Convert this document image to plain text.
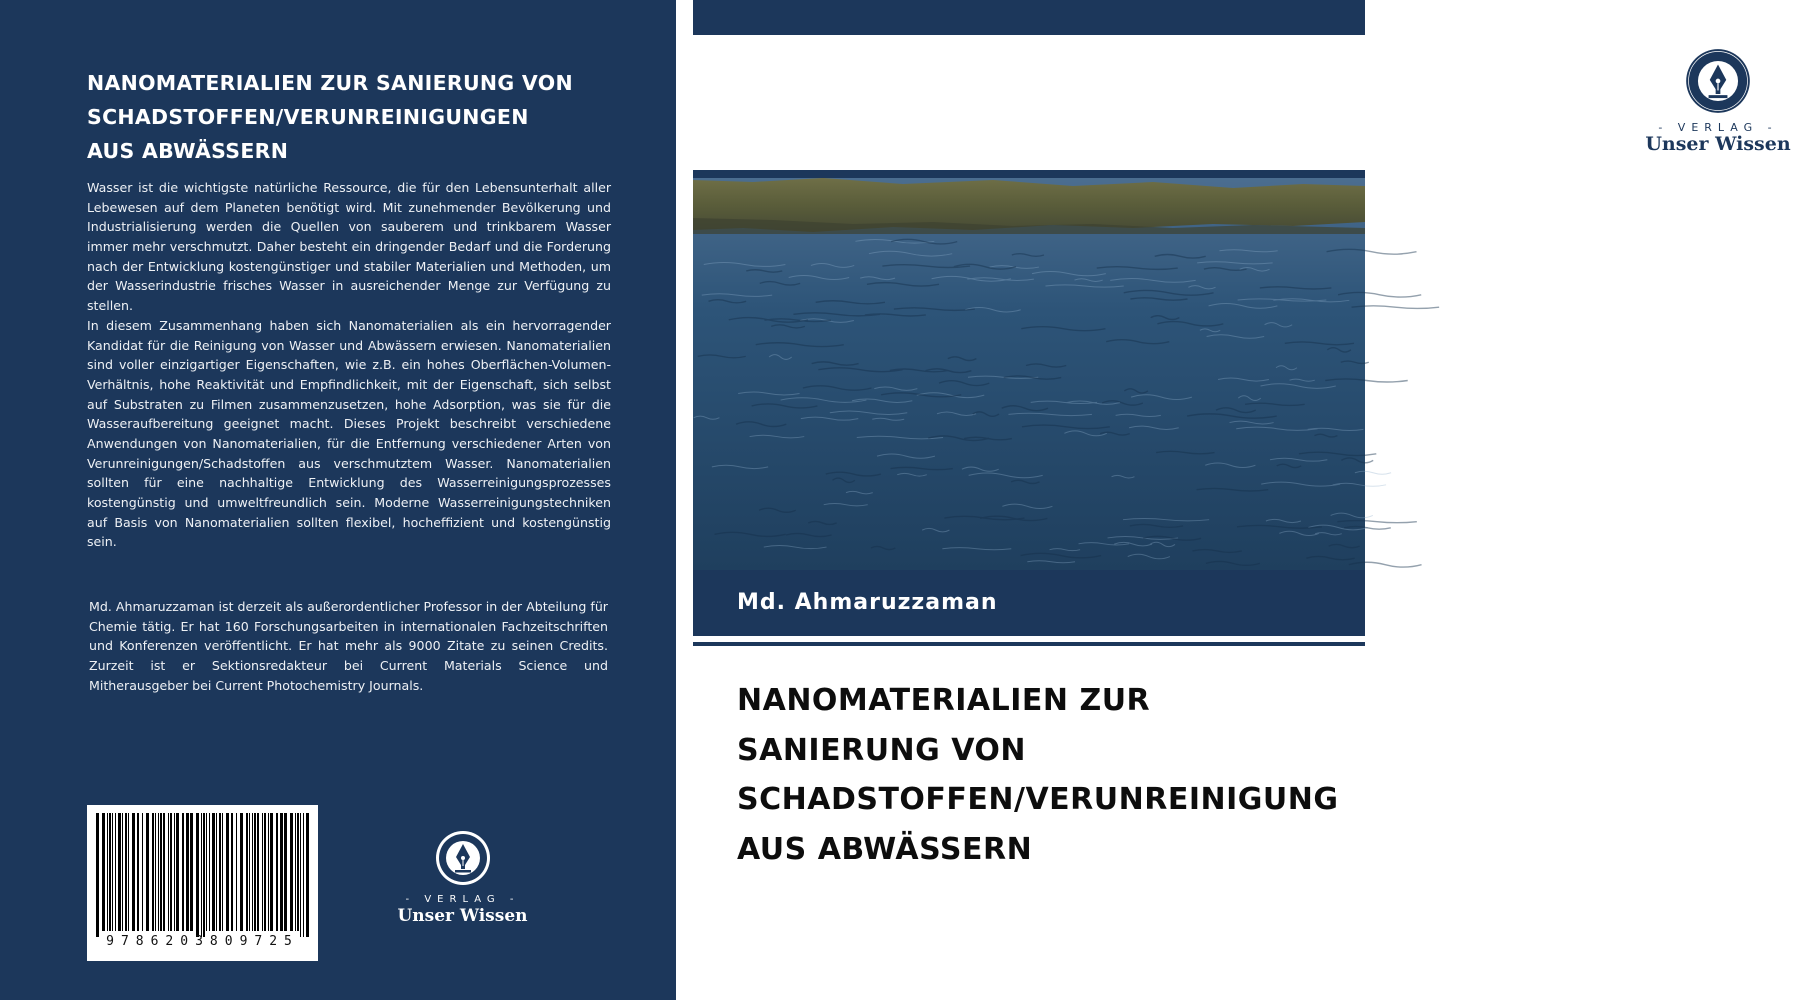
NANOMATERIALIEN ZUR SANIERUNG VON
SCHADSTOFFEN/VERUNREINIGUNGEN
AUS ABWÄSSERN

Wasser ist die wichtigste natürliche Ressource, die für den Lebensunterhalt aller Lebewesen auf dem Planeten benötigt wird. Mit zunehmender Bevölkerung und Industrialisierung werden die Quellen von sauberem und trinkbarem Wasser immer mehr verschmutzt. Daher besteht ein dringender Bedarf und die Forderung nach der Entwicklung kostengünstiger und stabiler Materialien und Methoden, um der Wasserindustrie frisches Wasser in ausreichender Menge zur Verfügung zu stellen.

In diesem Zusammenhang haben sich Nanomaterialien als ein hervorragender Kandidat für die Reinigung von Wasser und Abwässern erwiesen. Nanomaterialien sind voller einzigartiger Eigenschaften, wie z.B. ein hohes Oberflächen-Volumen-Verhältnis, hohe Reaktivität und Empfindlichkeit, mit der Eigenschaft, sich selbst auf Substraten zu Filmen zusammenzusetzen, hohe Adsorption, was sie für die Wasseraufbereitung geeignet macht. Dieses Projekt beschreibt verschiedene Anwendungen von Nanomaterialien, für die Entfernung verschiedener Arten von Verunreinigungen/Schadstoffen aus verschmutztem Wasser. Nanomaterialien sollten für eine nachhaltige Entwicklung des Wasserreinigungsprozesses kostengünstig und umweltfreundlich sein. Moderne Wasserreinigungstechniken auf Basis von Nanomaterialien sollten flexibel, hocheffizient und kostengünstig sein.

Md. Ahmaruzzaman ist derzeit als außerordentlicher Professor in der Abteilung für Chemie tätig. Er hat 160 Forschungsarbeiten in internationalen Fachzeitschriften und Konferenzen veröffentlicht. Er hat mehr als 9000 Zitate zu seinen Credits. Zurzeit ist er Sektionsredakteur bei Current Materials Science und Mitherausgeber bei Current Photochemistry Journals.

9786203809725
- VERLAG -
Unser Wissen
- VERLAG -
Unser Wissen
Md. Ahmaruzzaman
NANOMATERIALIEN ZUR
SANIERUNG VON
SCHADSTOFFEN/VERUNREINIGUNG
AUS ABWÄSSERN
